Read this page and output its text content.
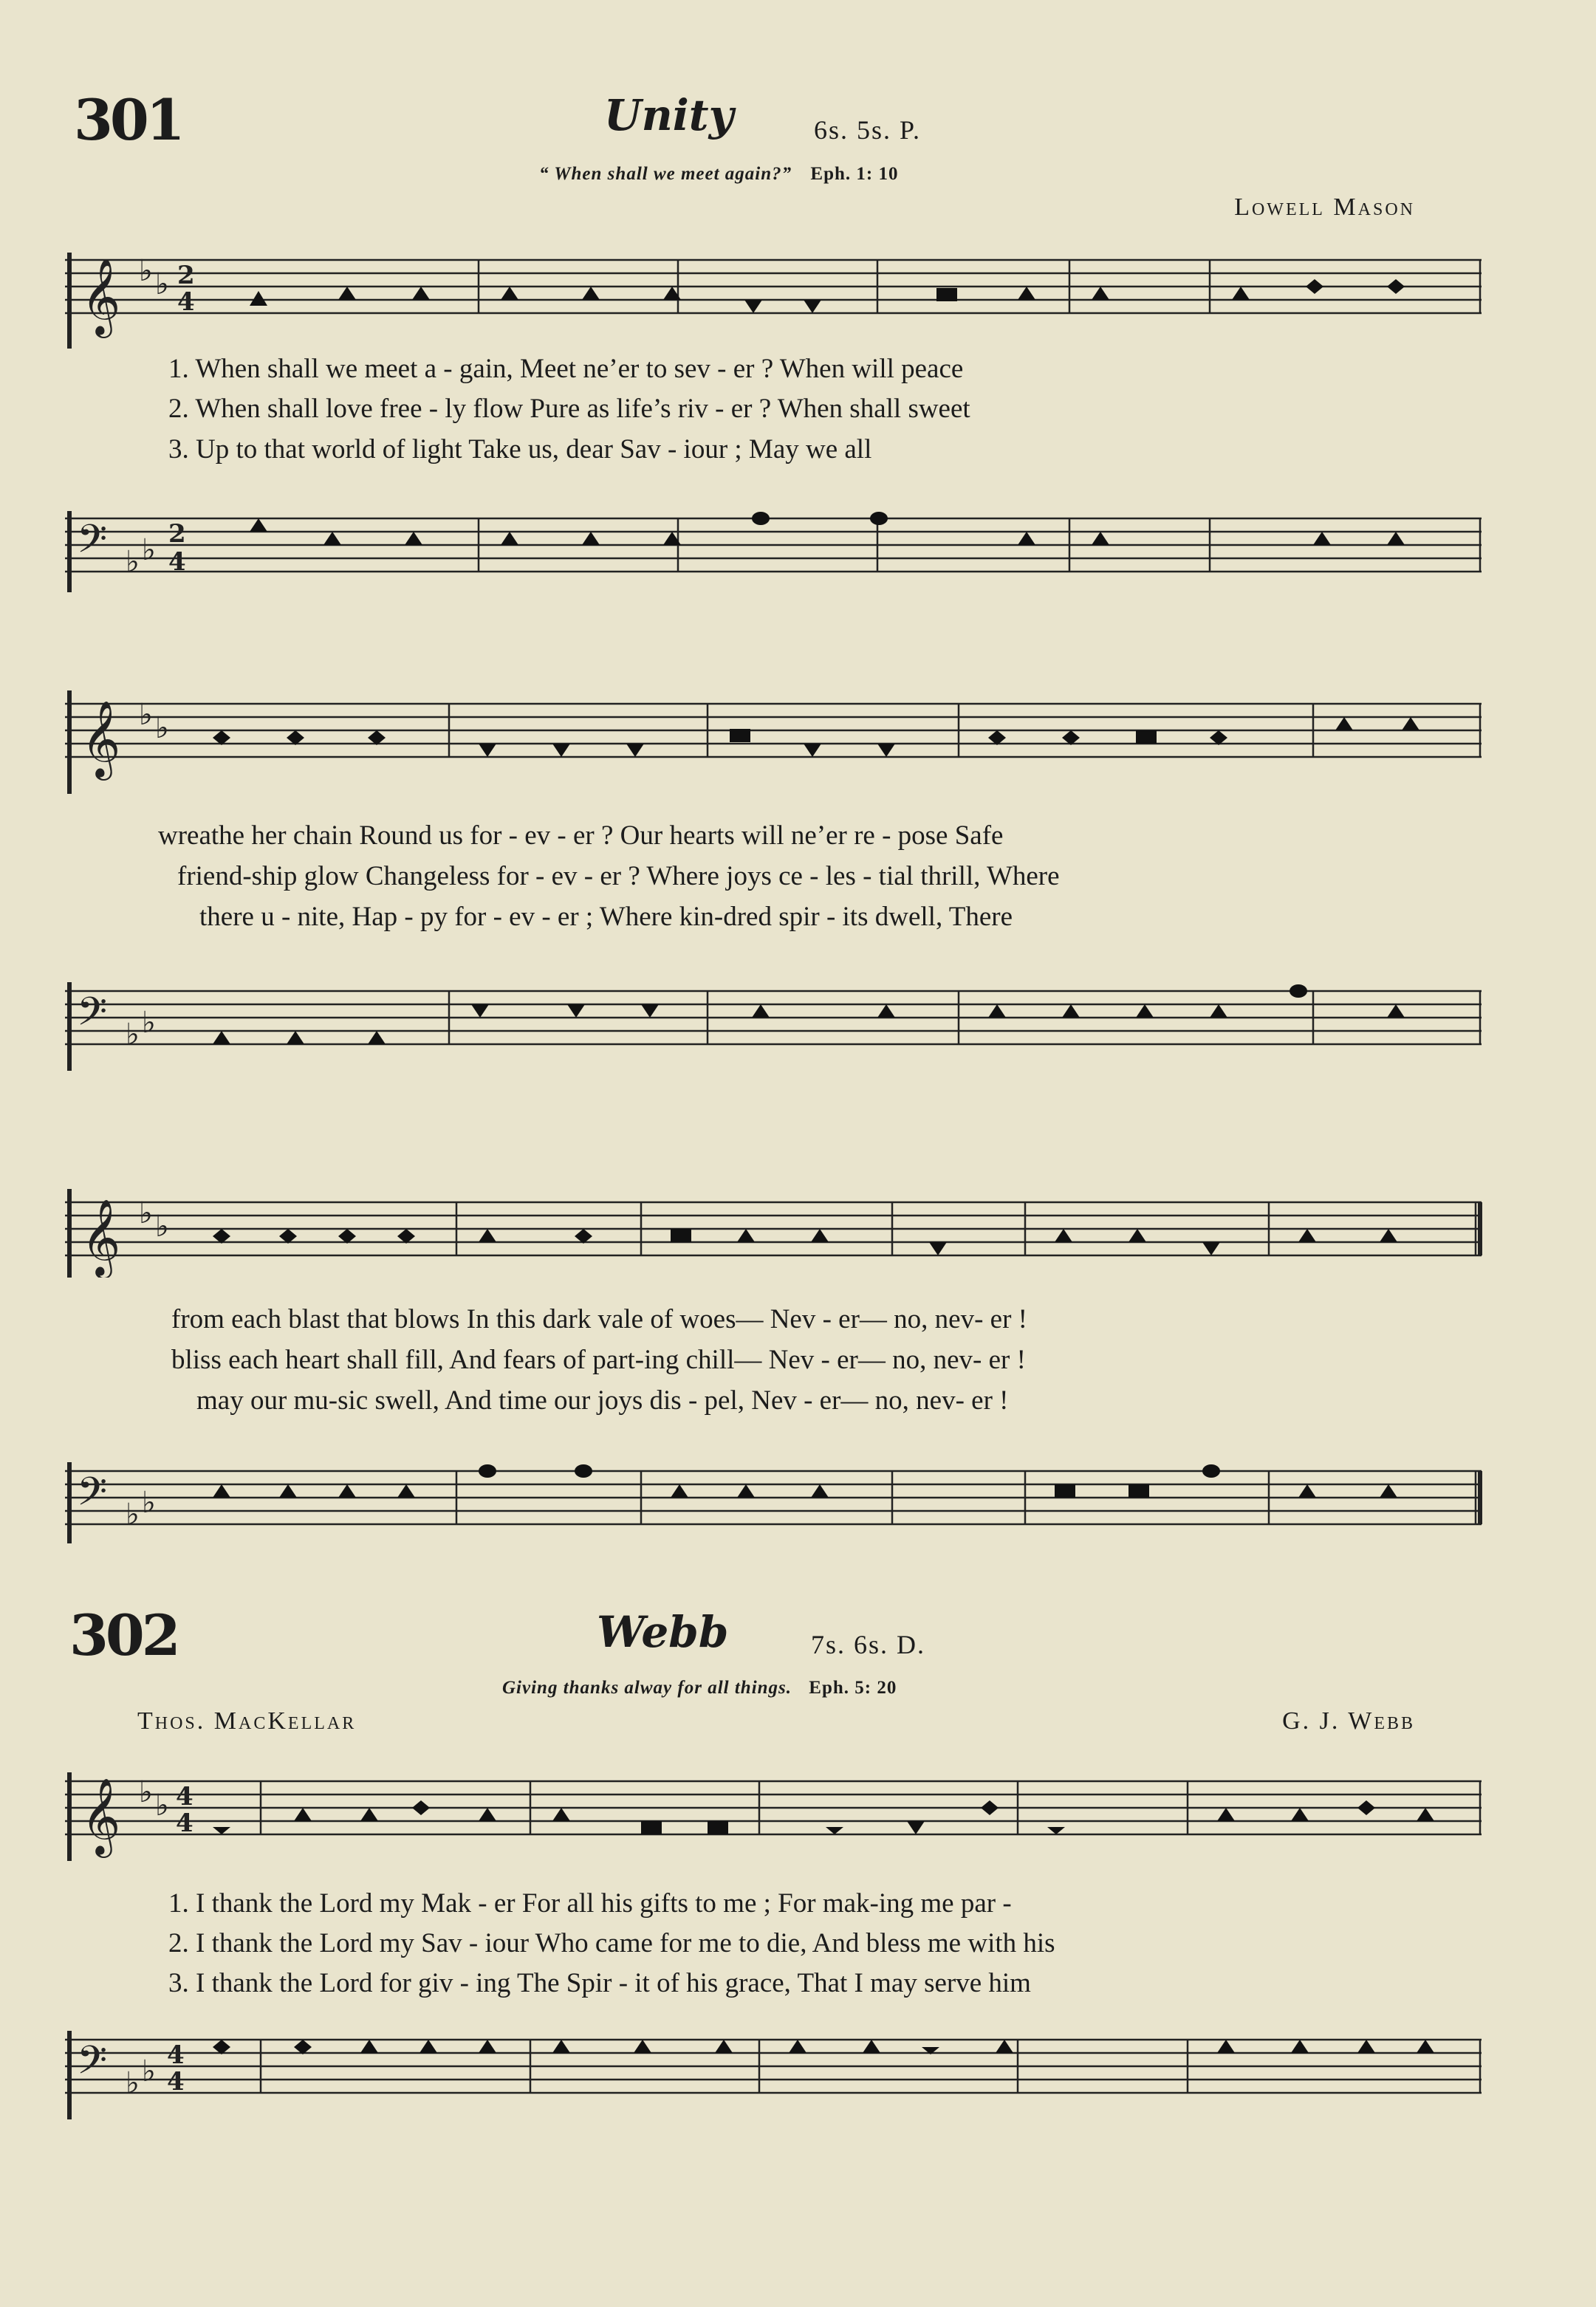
301	Unity	6s. 5s. P.
“ When shall we meet again?” Eph. 1: 10
Lowell Mason
𝄞 ♭ ♭ 2
4
1. When shall we meet a - gain, Meet ne’er to sev - er ? When will peace
2. When shall love free - ly flow Pure as life’s riv - er ? When shall sweet
3. Up to that world of light Take us, dear Sav - iour ; May we all
𝄢 ♭ ♭ 2
4
𝄞 ♭ ♭
wreathe her chain Round us for - ev - er ? Our hearts will ne’er re - pose Safe
friend-ship glow Changeless for - ev - er ? Where joys ce - les - tial thrill, Where
there u - nite, Hap - py for - ev - er ; Where kin-dred spir - its dwell, There
𝄢 ♭ ♭
𝄞 ♭ ♭
from each blast that blows In this dark vale of woes— Nev - er— no, nev- er !
bliss each heart shall fill, And fears of part-ing chill— Nev - er— no, nev- er !
may our mu-sic swell, And time our joys dis - pel, Nev - er— no, nev- er !
𝄢 ♭ ♭
302	Webb	7s. 6s. D.
Giving thanks alway for all things. Eph. 5: 20
Thos. MacKellar	G. J. Webb
𝄞 ♭ ♭ 4
4
1. I thank the Lord my Mak - er For all his gifts to me ; For mak-ing me par -
2. I thank the Lord my Sav - iour Who came for me to die, And bless me with his
3. I thank the Lord for giv - ing The Spir - it of his grace, That I may serve him
𝄢 ♭ ♭ 4
4
